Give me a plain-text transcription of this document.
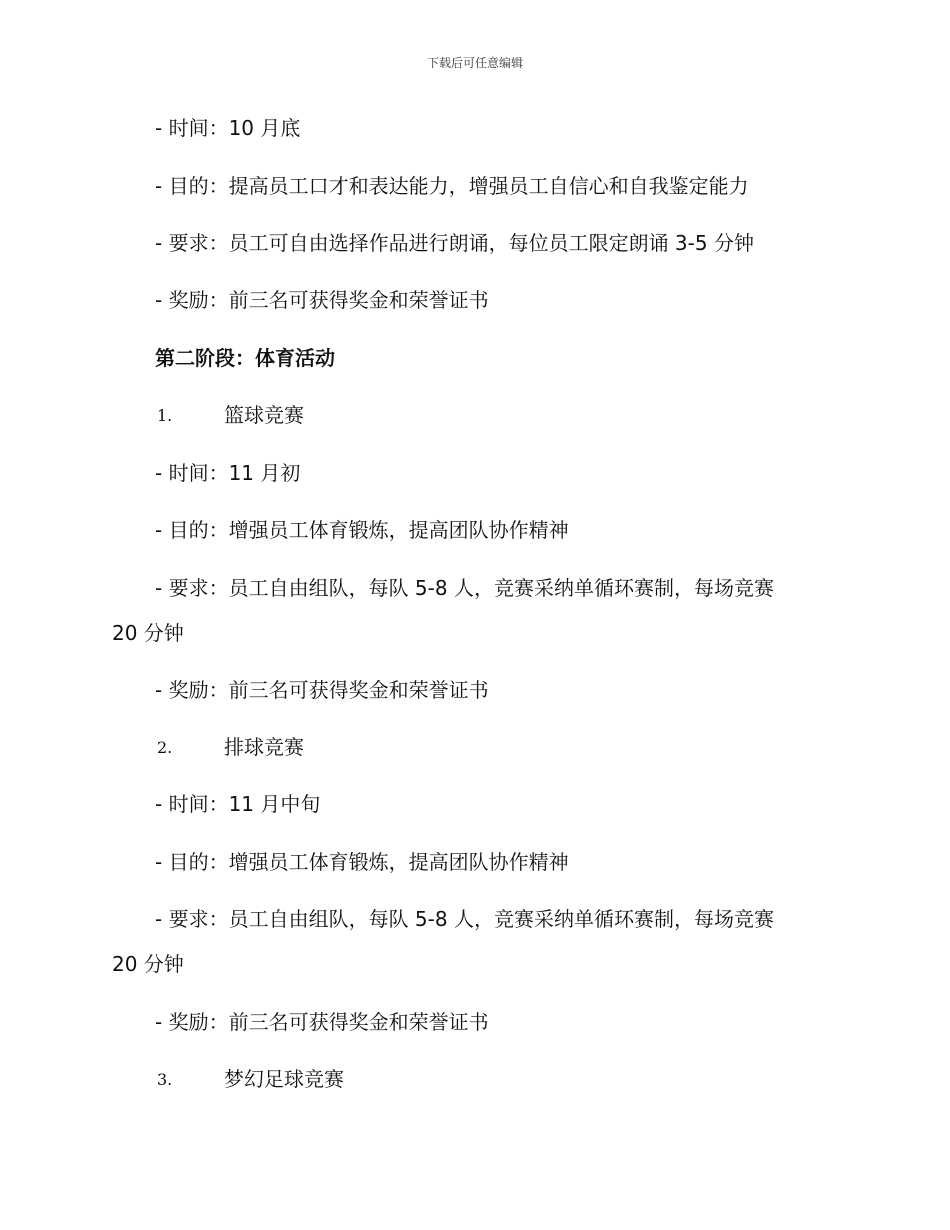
下载后可任意编辑
- 时间：10 月底
- 目的：提高员工口才和表达能力，增强员工自信心和自我鉴定能力
- 要求：员工可自由选择作品进行朗诵，每位员工限定朗诵 3-5 分钟
- 奖励：前三名可获得奖金和荣誉证书
第二阶段：体育活动
1.	篮球竞赛
- 时间：11 月初
- 目的：增强员工体育锻炼，提高团队协作精神
- 要求：员工自由组队，每队 5-8 人，竞赛采纳单循环赛制，每场竞赛
20 分钟
- 奖励：前三名可获得奖金和荣誉证书
2.	排球竞赛
- 时间：11 月中旬
- 目的：增强员工体育锻炼，提高团队协作精神
- 要求：员工自由组队，每队 5-8 人，竞赛采纳单循环赛制，每场竞赛
20 分钟
- 奖励：前三名可获得奖金和荣誉证书
3.	梦幻足球竞赛
